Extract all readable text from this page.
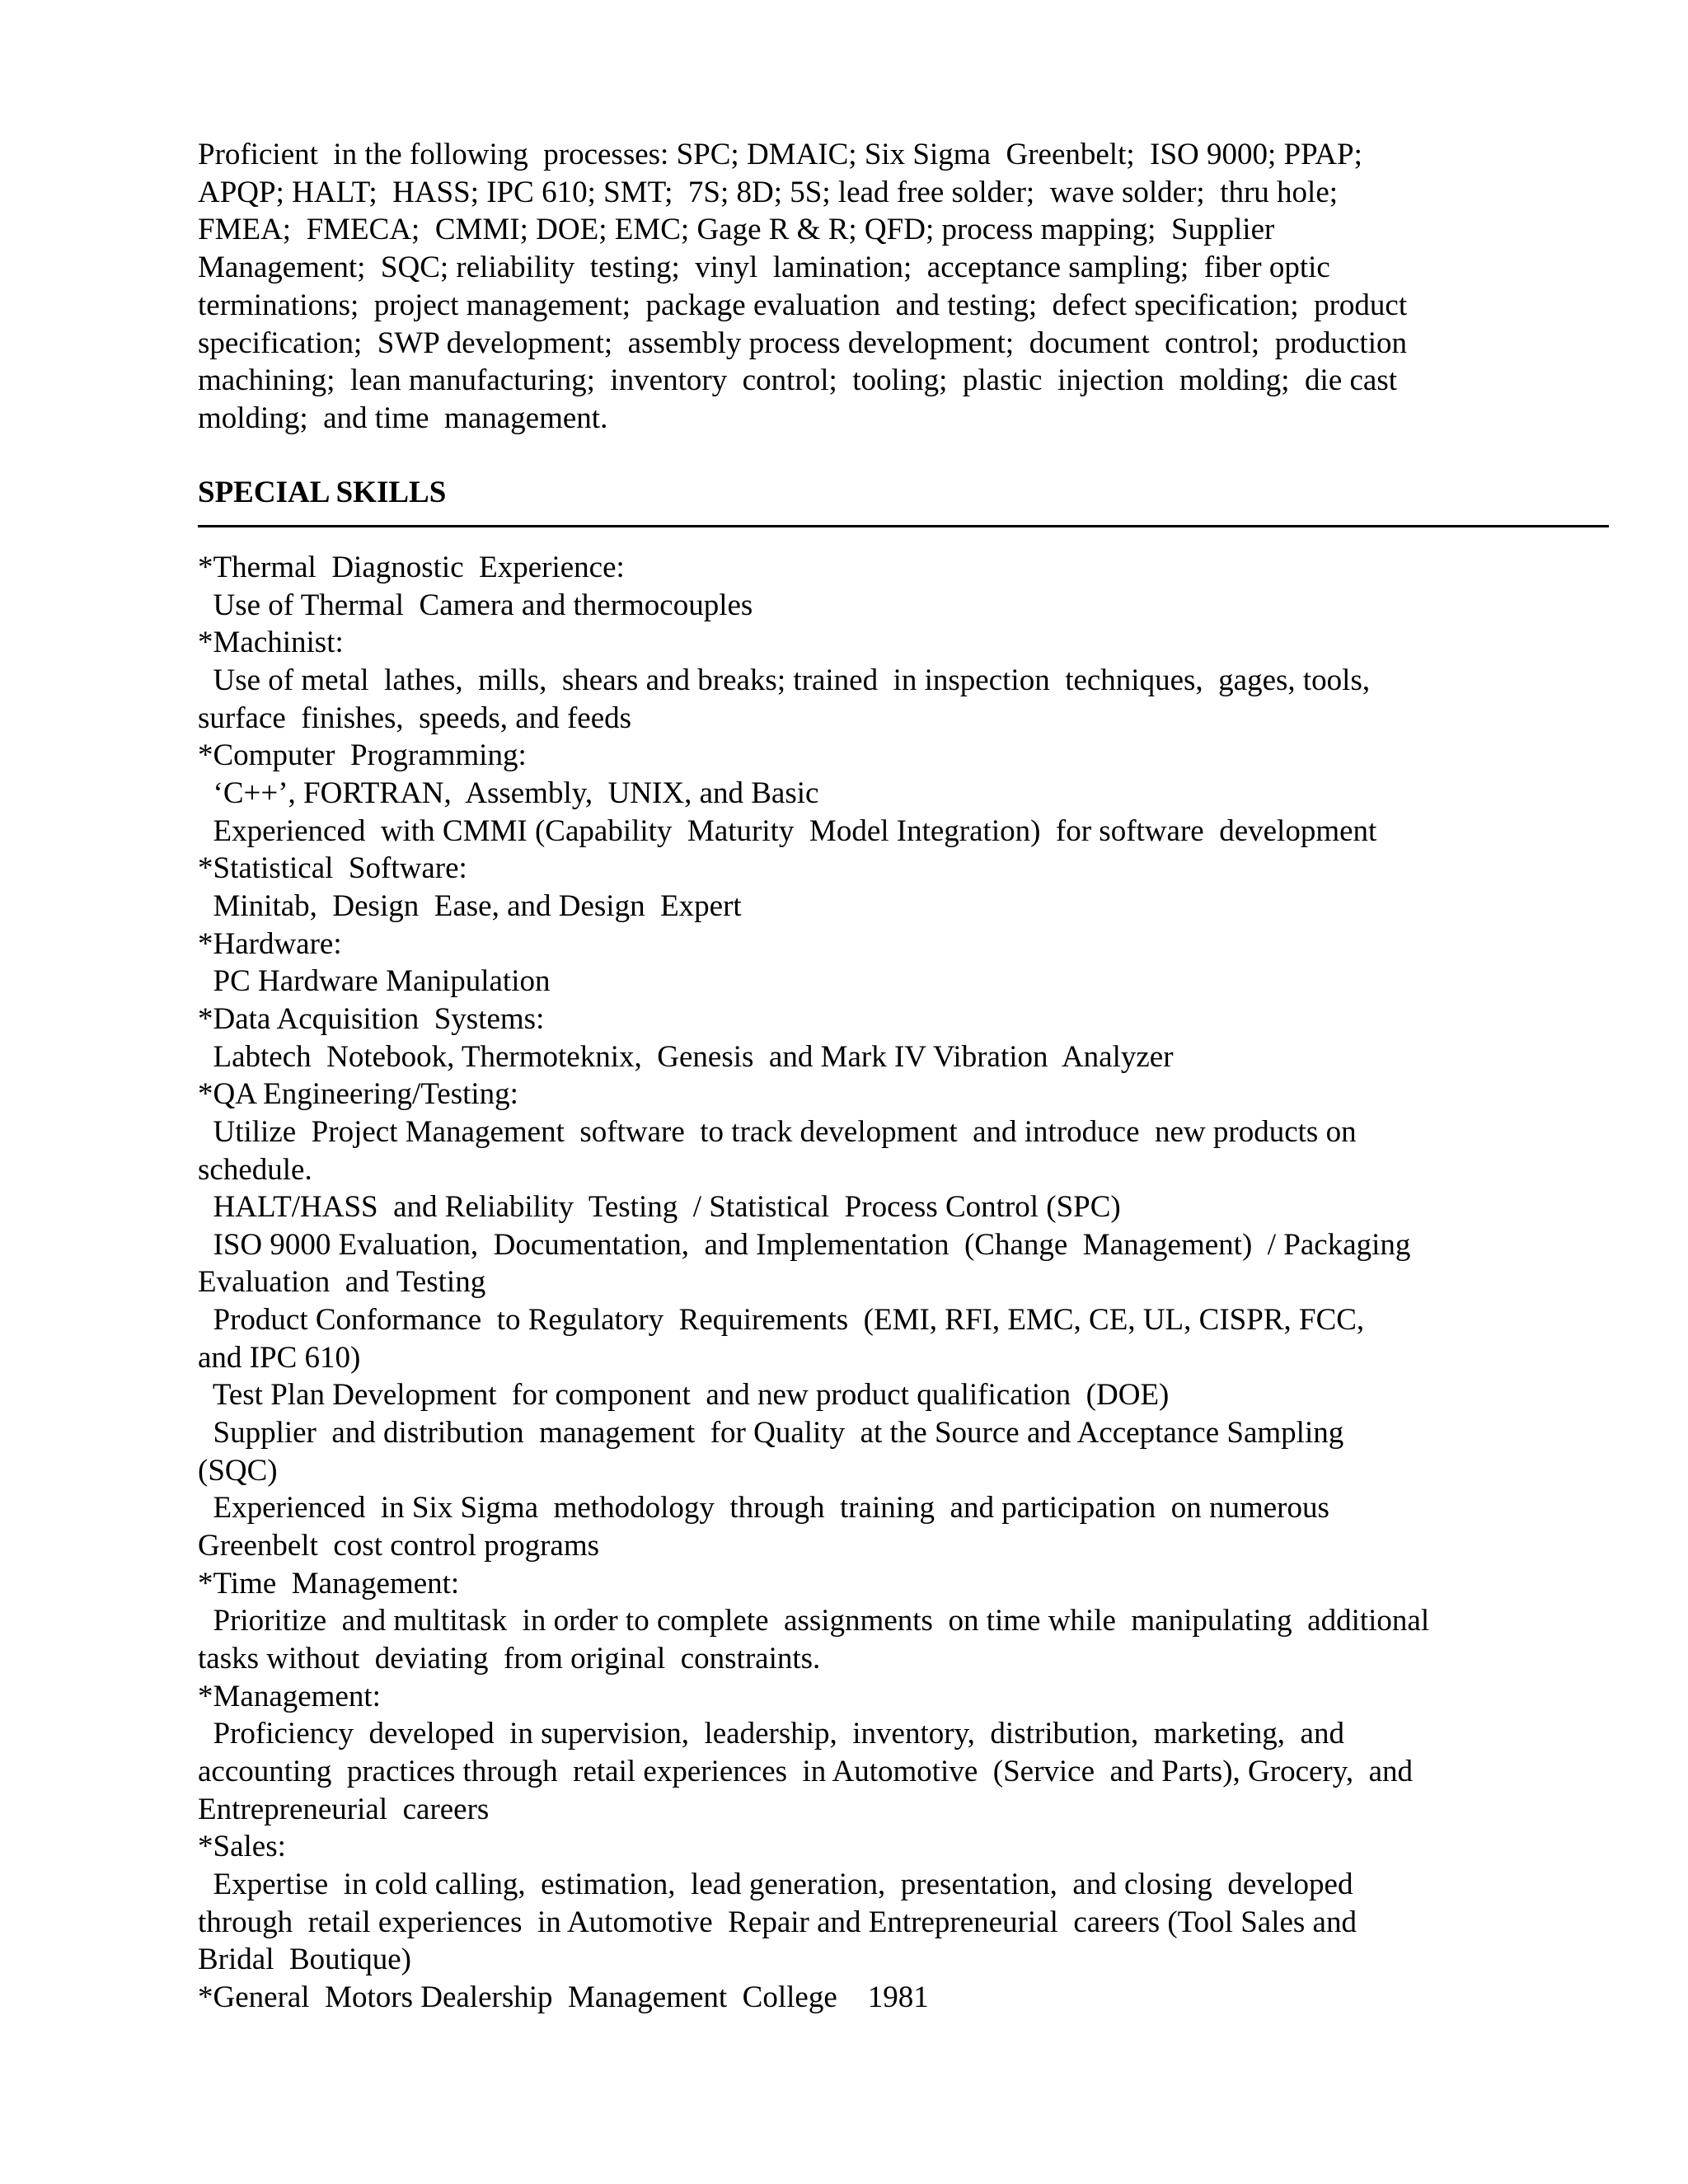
Proficient  in the following  processes: SPC; DMAIC; Six Sigma  Greenbelt;  ISO 9000; PPAP;
APQP; HALT;  HASS; IPC 610; SMT;  7S; 8D; 5S; lead free solder;  wave solder;  thru hole;
FMEA;  FMECA;  CMMI; DOE; EMC; Gage R & R; QFD; process mapping;  Supplier
Management;  SQC; reliability  testing;  vinyl  lamination;  acceptance sampling;  fiber optic
terminations;  project management;  package evaluation  and testing;  defect specification;  product
specification;  SWP development;  assembly process development;  document  control;  production
machining;  lean manufacturing;  inventory  control;  tooling;  plastic  injection  molding;  die cast
molding;  and time  management.

SPECIAL SKILLS
*Thermal  Diagnostic  Experience:
Use of Thermal  Camera and thermocouples
*Machinist:
Use of metal  lathes,  mills,  shears and breaks; trained  in inspection  techniques,  gages, tools,
surface  finishes,  speeds, and feeds
*Computer  Programming:
‘C++’, FORTRAN,  Assembly,  UNIX, and Basic
Experienced  with CMMI (Capability  Maturity  Model Integration)  for software  development
*Statistical  Software:
Minitab,  Design  Ease, and Design  Expert
*Hardware:
PC Hardware Manipulation
*Data Acquisition  Systems:
Labtech  Notebook, Thermoteknix,  Genesis  and Mark IV Vibration  Analyzer
*QA Engineering/Testing:
Utilize  Project Management  software  to track development  and introduce  new products on
schedule.
HALT/HASS  and Reliability  Testing  / Statistical  Process Control (SPC)
ISO 9000 Evaluation,  Documentation,  and Implementation  (Change  Management)  / Packaging
Evaluation  and Testing
Product Conformance  to Regulatory  Requirements  (EMI, RFI, EMC, CE, UL, CISPR, FCC,
and IPC 610)
Test Plan Development  for component  and new product qualification  (DOE)
Supplier  and distribution  management  for Quality  at the Source and Acceptance Sampling
(SQC)
Experienced  in Six Sigma  methodology  through  training  and participation  on numerous
Greenbelt  cost control programs
*Time  Management:
Prioritize  and multitask  in order to complete  assignments  on time while  manipulating  additional
tasks without  deviating  from original  constraints.
*Management:
Proficiency  developed  in supervision,  leadership,  inventory,  distribution,  marketing,  and
accounting  practices through  retail experiences  in Automotive  (Service  and Parts), Grocery,  and
Entrepreneurial  careers
*Sales:
Expertise  in cold calling,  estimation,  lead generation,  presentation,  and closing  developed
through  retail experiences  in Automotive  Repair and Entrepreneurial  careers (Tool Sales and
Bridal  Boutique)
*General  Motors Dealership  Management  College    1981
